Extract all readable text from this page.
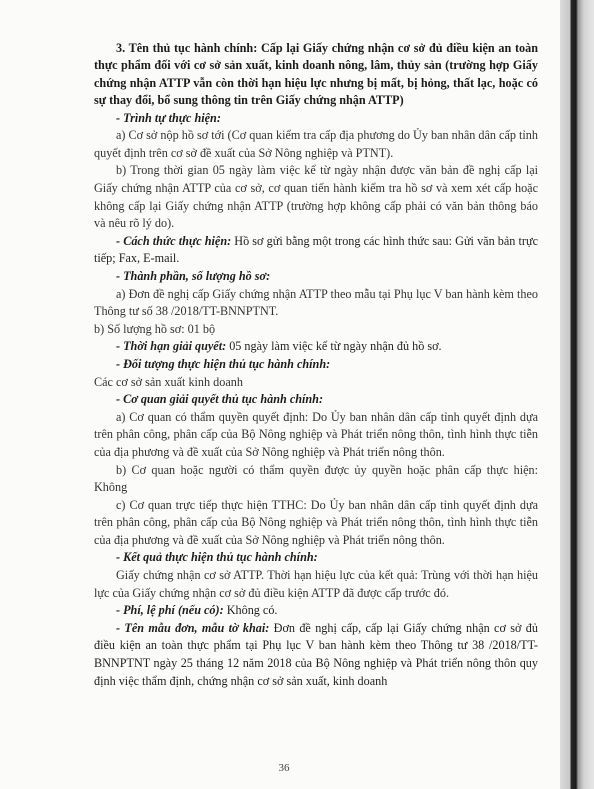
3. Tên thủ tục hành chính: Cấp lại Giấy chứng nhận cơ sở đủ điều kiện an toàn thực phẩm đối với cơ sở sản xuất, kinh doanh nông, lâm, thủy sản (trường hợp Giấy chứng nhận ATTP vẫn còn thời hạn hiệu lực nhưng bị mất, bị hỏng, thất lạc, hoặc có sự thay đổi, bổ sung thông tin trên Giấy chứng nhận ATTP)

- Trình tự thực hiện:

a) Cơ sở nộp hồ sơ tới (Cơ quan kiểm tra cấp địa phương do Ủy ban nhân dân cấp tỉnh quyết định trên cơ sở đề xuất của Sở Nông nghiệp và PTNT).

b) Trong thời gian 05 ngày làm việc kể từ ngày nhận được văn bản đề nghị cấp lại Giấy chứng nhận ATTP của cơ sở, cơ quan tiến hành kiểm tra hồ sơ và xem xét cấp hoặc không cấp lại Giấy chứng nhận ATTP (trường hợp không cấp phải có văn bản thông báo và nêu rõ lý do).

- Cách thức thực hiện: Hồ sơ gửi bằng một trong các hình thức sau: Gửi văn bản trực tiếp; Fax, E-mail.

- Thành phần, số lượng hồ sơ:

a) Đơn đề nghị cấp Giấy chứng nhận ATTP theo mẫu tại Phụ lục V ban hành kèm theo Thông tư số 38 /2018/TT-BNNPTNT.

b) Số lượng hồ sơ: 01 bộ

- Thời hạn giải quyết: 05 ngày làm việc kể từ ngày nhận đủ hồ sơ.

- Đối tượng thực hiện thủ tục hành chính:

Các cơ sở sản xuất kinh doanh

- Cơ quan giải quyết thủ tục hành chính:

a) Cơ quan có thẩm quyền quyết định: Do Ủy ban nhân dân cấp tỉnh quyết định dựa trên phân công, phân cấp của Bộ Nông nghiệp và Phát triển nông thôn, tình hình thực tiễn của địa phương và đề xuất của Sở Nông nghiệp và Phát triển nông thôn.

b) Cơ quan hoặc người có thẩm quyền được ủy quyền hoặc phân cấp thực hiện: Không

c) Cơ quan trực tiếp thực hiện TTHC: Do Ủy ban nhân dân cấp tỉnh quyết định dựa trên phân công, phân cấp của Bộ Nông nghiệp và Phát triển nông thôn, tình hình thực tiễn của địa phương và đề xuất của Sở Nông nghiệp và Phát triển nông thôn.

- Kết quả thực hiện thủ tục hành chính:

Giấy chứng nhận cơ sở ATTP. Thời hạn hiệu lực của kết quả: Trùng với thời hạn hiệu lực của Giấy chứng nhận cơ sở đủ điều kiện ATTP đã được cấp trước đó.

- Phí, lệ phí (nếu có): Không có.

- Tên mẫu đơn, mẫu tờ khai: Đơn đề nghị cấp, cấp lại Giấy chứng nhận cơ sở đủ điều kiện an toàn thực phẩm tại Phụ lục V ban hành kèm theo Thông tư 38 /2018/TT-BNNPTNT ngày 25 tháng 12 năm 2018 của Bộ Nông nghiệp và Phát triển nông thôn quy định việc thẩm định, chứng nhận cơ sở sản xuất, kinh doanh

36
